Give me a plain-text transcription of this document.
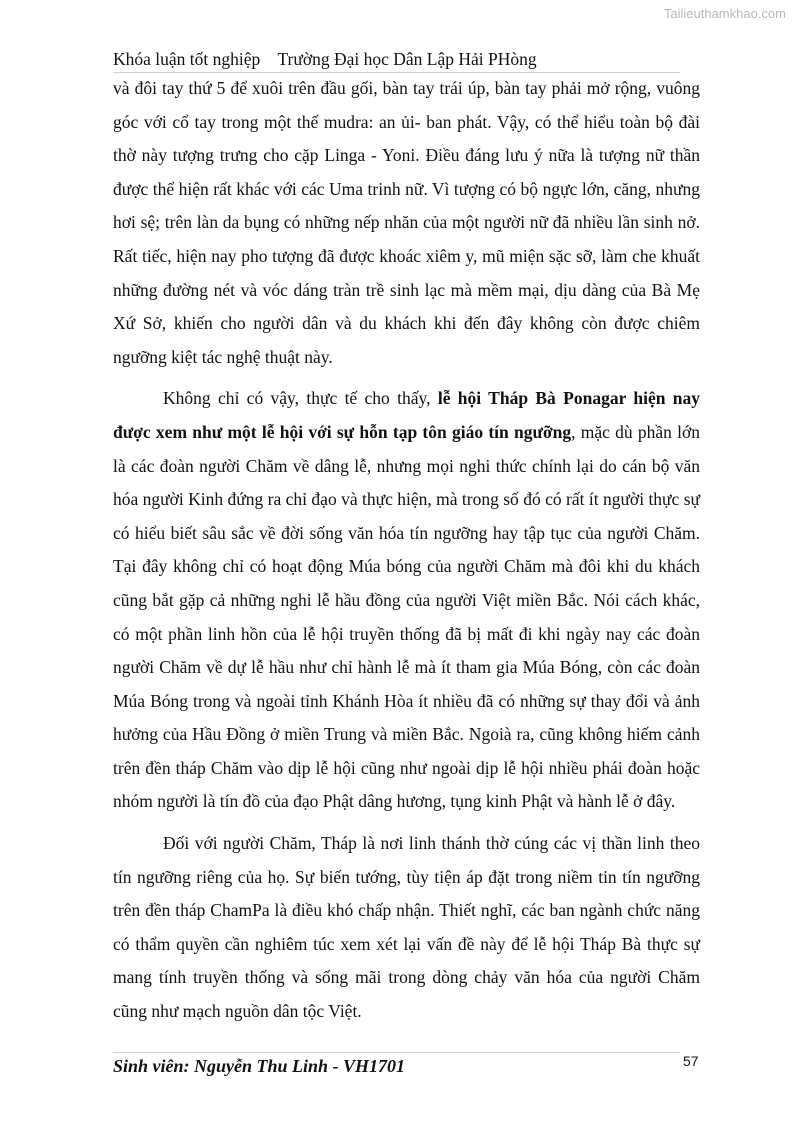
Tailieuthamkhao.com
Khóa luận tốt nghiệp    Trường Đại học Dân Lập Hải PHòng

và đôi tay thứ 5 để xuôi trên đầu gối, bàn tay trái úp, bàn tay phải mở rộng, vuông góc với cổ tay trong một thế mudra: an ủi- ban phát. Vậy, có thể hiểu toàn bộ đài thờ này tượng trưng cho cặp Linga - Yoni. Điều đáng lưu ý nữa là tượng nữ thần được thể hiện rất khác với các Uma trinh nữ. Vì tượng có bộ ngực lớn, căng, nhưng hơi sệ; trên làn da bụng có những nếp nhăn của một người nữ đã nhiều lần sinh nở. Rất tiếc, hiện nay pho tượng đã được khoác xiêm y, mũ miện sặc sỡ, làm che khuất những đường nét và vóc dáng tràn trề sinh lạc mà mềm mại, dịu dàng của Bà Mẹ Xứ Sở, khiến cho người dân và du khách khi đến đây không còn được chiêm ngưỡng kiệt tác nghệ thuật này.

Không chỉ có vậy, thực tế cho thấy, lễ hội Tháp Bà Ponagar hiện nay được xem như một lễ hội với sự hỗn tạp tôn giáo tín ngưỡng, mặc dù phần lớn là các đoàn người Chăm về dâng lễ, nhưng mọi nghi thức chính lại do cán bộ văn hóa người Kinh đứng ra chỉ đạo và thực hiện, mà trong số đó có rất ít người thực sự có hiểu biết sâu sắc về đời sống văn hóa tín ngưỡng hay tập tục của người Chăm. Tại đây không chỉ có hoạt động Múa bóng của người Chăm mà đôi khi du khách cũng bắt gặp cả những nghi lễ hầu đồng của người Việt miền Bắc. Nói cách khác, có một phần linh hồn của lễ hội truyền thống đã bị mất đi khi ngày nay các đoàn người Chăm về dự lễ hầu như chỉ hành lễ mà ít tham gia Múa Bóng, còn các đoàn Múa Bóng trong và ngoài tỉnh Khánh Hòa ít nhiều đã có những sự thay đổi và ảnh hưởng của Hầu Đồng ở miền Trung và miền Bắc. Ngoià ra, cũng không hiếm cảnh trên đền tháp Chăm vào dịp lễ hội cũng như ngoài dịp lễ hội nhiều phái đoàn hoặc nhóm người là tín đồ của đạo Phật dâng hương, tụng kinh Phật và hành lễ ở đây.

Đối với người Chăm, Tháp là nơi linh thánh thờ cúng các vị thần linh theo tín ngưỡng riêng của họ. Sự biến tướng, tùy tiện áp đặt trong niềm tin tín ngưỡng trên đền tháp ChamPa là điều khó chấp nhận. Thiết nghĩ, các ban ngành chức năng có thẩm quyền cần nghiêm túc xem xét lại vấn đề này để lễ hội Tháp Bà thực sự mang tính truyền thống và sống mãi trong dòng chảy văn hóa của người Chăm cũng như mạch nguồn dân tộc Việt.

Sinh viên: Nguyễn Thu Linh - VH1701	57
